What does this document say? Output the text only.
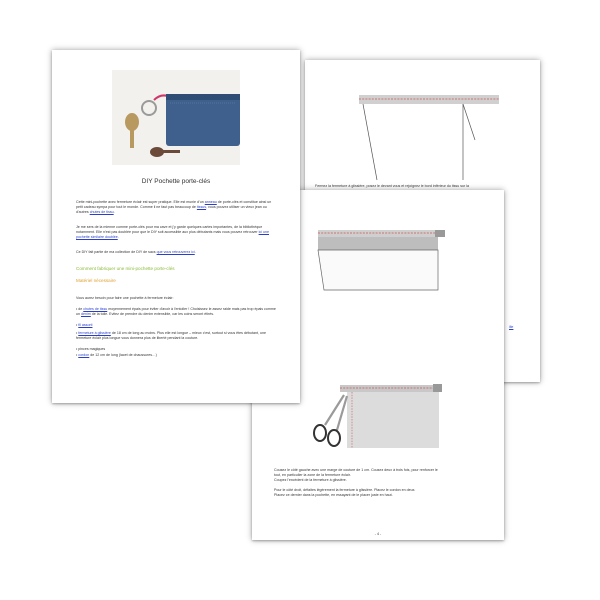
Fermez la fermeture à glissière, posez le devant vous et rejoignez le bord inférieur du tissu sur la
ille
Cousez le côté gauche avec une marge de couture de 1 cm. Cousez deux à trois fois, pour renforcer le
tout, en particulier la zone de la fermeture éclair.
Coupez l'excédent de la fermeture à glissière.
Pour le côté droit, défaites légèrement la fermeture à glissière. Placez le cordon en deux.
Placez ce dernier dans la pochette, en essayant de le placer juste en haut.
- 4 -
DIY Pochette porte-clés
Cette mini-pochette avec fermeture éclair est super pratique. Elle est munie d'un anneau de porte-clés et constitue ainsi un petit cadeau sympa pour tout le monde. Comme il ne faut pas beaucoup de tissus, vous pouvez utiliser un vieux jean ou d'autres chutes de tissu.
Je me sers de la mienne comme porte-clés pour ma cave et j'y garde quelques cartes importantes, de la bibliothèque notamment. Elle n'est pas doublée pour que le DIY soit accessible aux plus débutants mais vous pouvez retrouver ici une pochette similaire doublée.
Ce DIY fait partie de ma collection de DIY de sacs que vous retrouverez ici.
Comment fabriquer une mini-pochette porte-clés
Matériel nécessaire
Vous aurez besoin pour faire une pochette à fermeture éclair:
• de chutes de tissu moyennement épais pour éviter d'avoir à l'entoiler ! Choisissez le assez raide mais pas trop épais comme un denim de la toile. Evitez de prendre du denim extensible, car les coins seront étirés.
• fil assorti
• fermeture à glissière de 18 cm de long au moins. Plus elle est longue – mieux c'est, surtout si vous êtes débutant, une fermeture éclair plus longue vous donnera plus de liberté pendant la couture.
• pinces magiques
• cordon de 12 cm de long (lacet de chaussures…)
